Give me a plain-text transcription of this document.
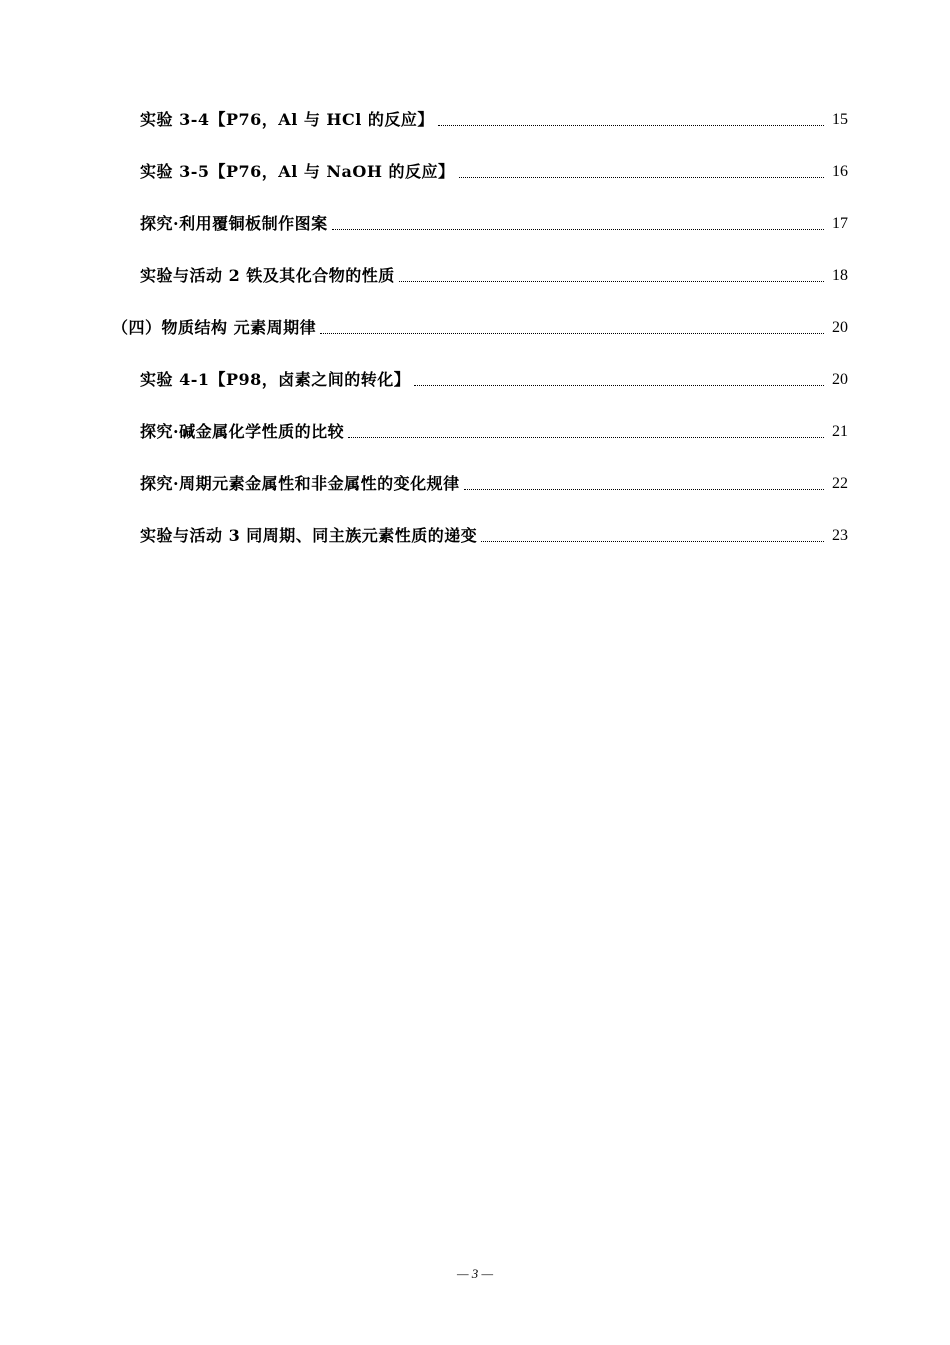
实验 3-4【P76，Al 与 HCl 的反应】	15
实验 3-5【P76，Al 与 NaOH 的反应】	16
探究·利用覆铜板制作图案	17
实验与活动 2 铁及其化合物的性质	18
（四）物质结构 元素周期律	20
实验 4-1【P98，卤素之间的转化】	20
探究·碱金属化学性质的比较	21
探究·周期元素金属性和非金属性的变化规律	22
实验与活动 3 同周期、同主族元素性质的递变	23
— 3 —
